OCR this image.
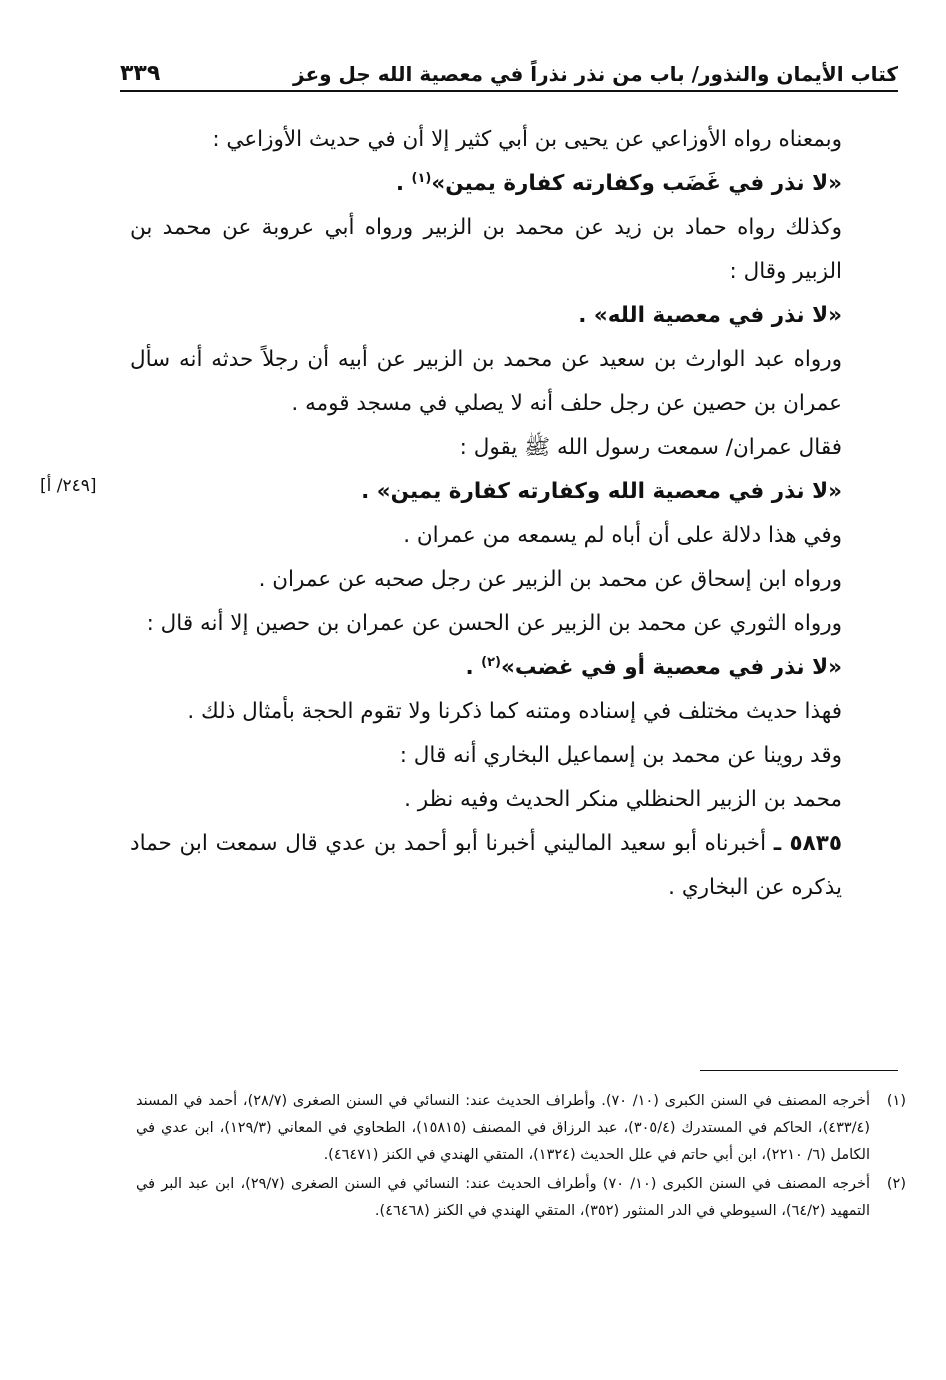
كتاب الأيمان والنذور/ باب من نذر نذراً في معصية الله جل وعز
٣٣٩
[٢٤٩/ أ]

وبمعناه رواه الأوزاعي عن يحيى بن أبي كثير إلا أن في حديث الأوزاعي :

«لا نذر في غَضَب وكفارته كفارة يمين»$^{(١)}$ .

وكذلك رواه حماد بن زيد عن محمد بن الزبير ورواه أبي عروبة عن محمد بن الزبير وقال :

«لا نذر في معصية الله» .

ورواه عبد الوارث بن سعيد عن محمد بن الزبير عن أبيه أن رجلاً حدثه أنه سأل عمران بن حصين عن رجل حلف أنه لا يصلي في مسجد قومه .

فقال عمران/ سمعت رسول الله ﷺ يقول :

«لا نذر في معصية الله وكفارته كفارة يمين» .

وفي هذا دلالة على أن أباه لم يسمعه من عمران .

ورواه ابن إسحاق عن محمد بن الزبير عن رجل صحبه عن عمران .

ورواه الثوري عن محمد بن الزبير عن الحسن عن عمران بن حصين إلا أنه قال :

«لا نذر في معصية أو في غضب»$^{(٢)}$ .

فهذا حديث مختلف في إسناده ومتنه كما ذكرنا ولا تقوم الحجة بأمثال ذلك .

وقد روينا عن محمد بن إسماعيل البخاري أنه قال :

محمد بن الزبير الحنظلي منكر الحديث وفيه نظر .

٥٨٣٥ ـ أخبرناه أبو سعيد الماليني أخبرنا أبو أحمد بن عدي قال سمعت ابن حماد يذكره عن البخاري .

(١)
أخرجه المصنف في السنن الكبرى (١٠/ ٧٠). وأطراف الحديث عند: النسائي في السنن الصغرى (٢٨/٧)، أحمد في المسند (٤٣٣/٤)، الحاكم في المستدرك (٣٠٥/٤)، عبد الرزاق في المصنف (١٥٨١٥)، الطحاوي في المعاني (١٢٩/٣)، ابن عدي في الكامل (٦/ ٢٢١٠)، ابن أبي حاتم في علل الحديث (١٣٢٤)، المتقي الهندي في الكنز (٤٦٤٧١).
(٢)
أخرجه المصنف في السنن الكبرى (١٠/ ٧٠) وأطراف الحديث عند: النسائي في السنن الصغرى (٢٩/٧)، ابن عبد البر في التمهيد (٦٤/٢)، السيوطي في الدر المنثور (٣٥٢)، المتقي الهندي في الكنز (٤٦٤٦٨).
